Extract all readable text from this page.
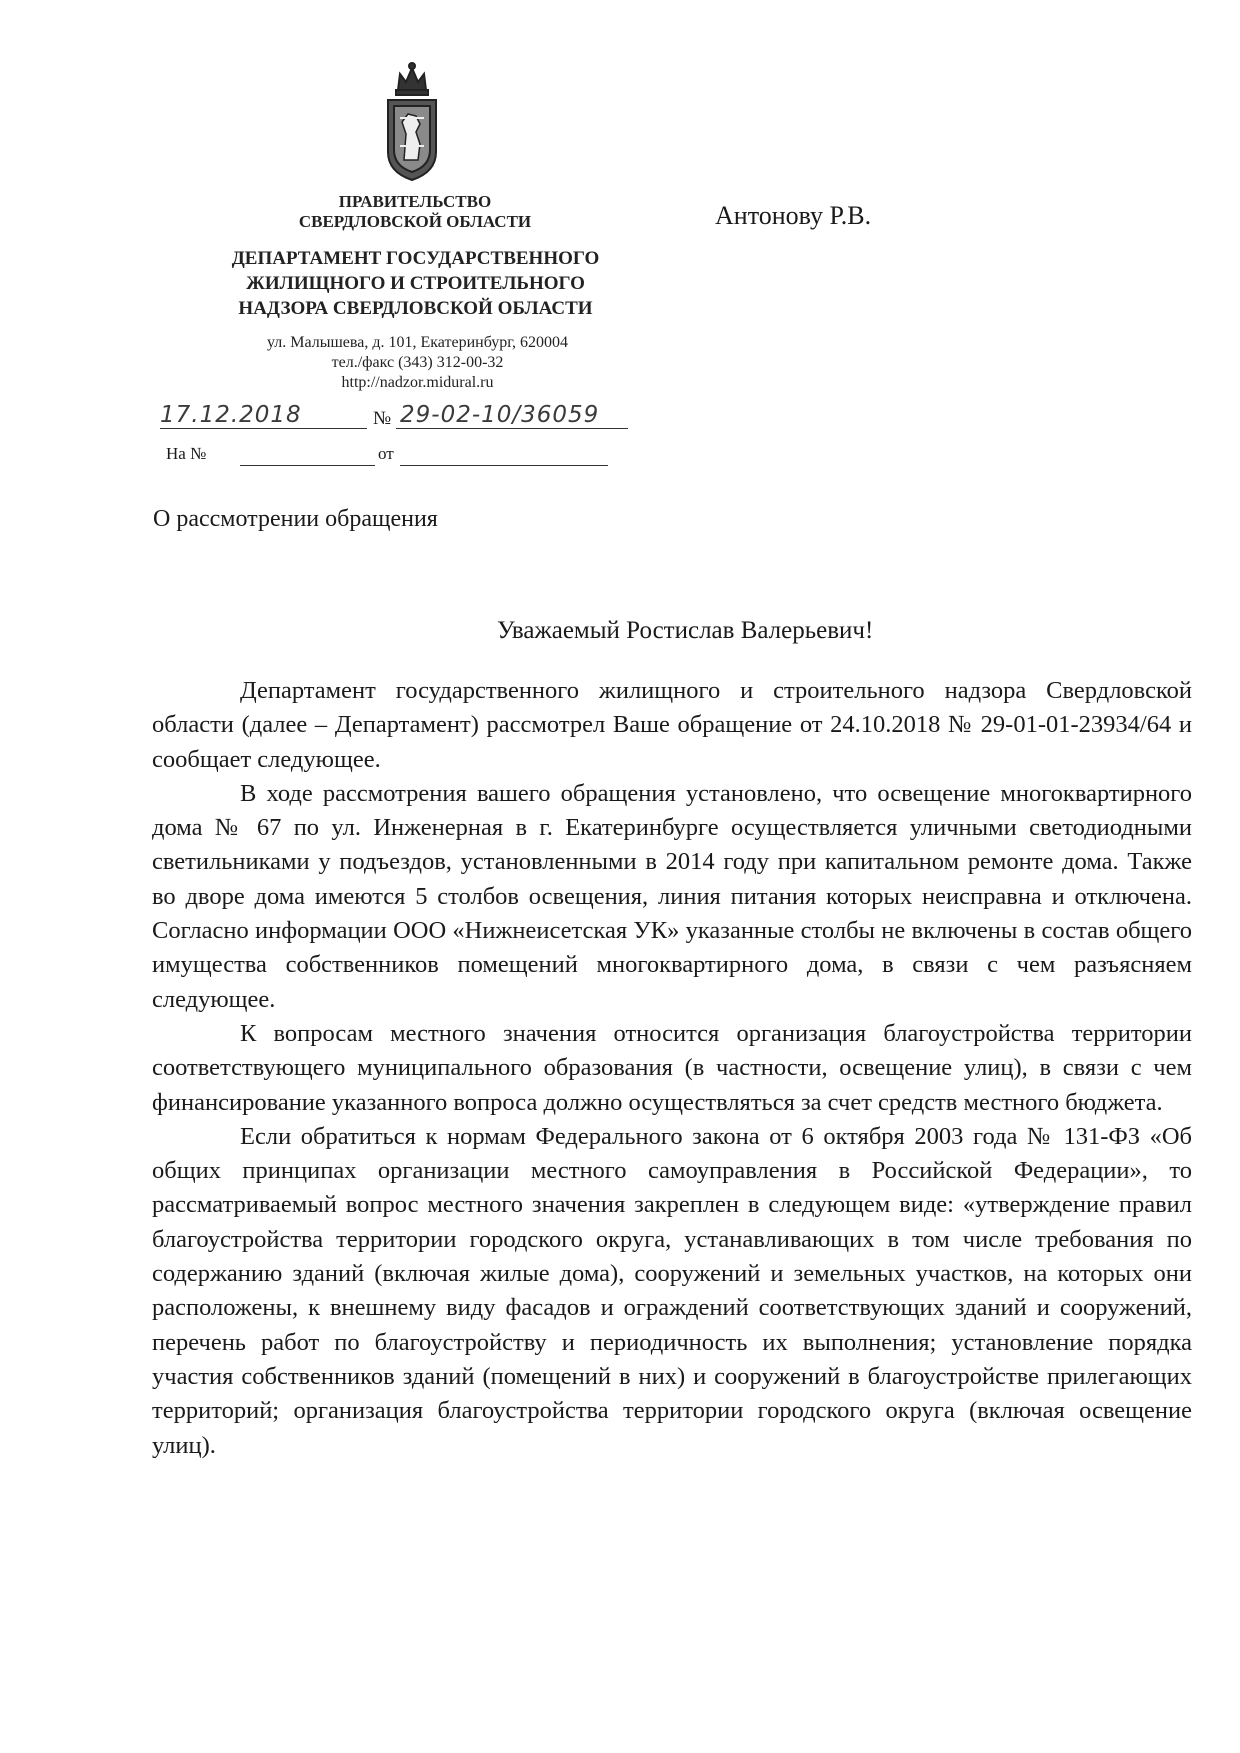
ПРАВИТЕЛЬСТВО
СВЕРДЛОВСКОЙ ОБЛАСТИ
ДЕПАРТАМЕНТ ГОСУДАРСТВЕННОГО
ЖИЛИЩНОГО И СТРОИТЕЛЬНОГО
НАДЗОРА СВЕРДЛОВСКОЙ ОБЛАСТИ
ул. Малышева, д. 101, Екатеринбург, 620004
тел./факс (343) 312-00-32
http://nadzor.midural.ru
17.12.2018	№ 29-02-10/36059
На №	от
Антонову Р.В.
О рассмотрении обращения
Уважаемый Ростислав Валерьевич!

Департамент государственного жилищного и строительного надзора Свердловской области (далее – Департамент) рассмотрел Ваше обращение от 24.10.2018 № 29-01-01-23934/64 и сообщает следующее.

В ходе рассмотрения вашего обращения установлено, что освещение многоквартирного дома № 67 по ул. Инженерная в г. Екатеринбурге осуществляется уличными светодиодными светильниками у подъездов, установленными в 2014 году при капитальном ремонте дома. Также во дворе дома имеются 5 столбов освещения, линия питания которых неисправна и отключена. Согласно информации ООО «Нижнеисетская УК» указанные столбы не включены в состав общего имущества собственников помещений многоквартирного дома, в связи с чем разъясняем следующее.

К вопросам местного значения относится организация благоустройства территории соответствующего муниципального образования (в частности, освещение улиц), в связи с чем финансирование указанного вопроса должно осуществляться за счет средств местного бюджета.

Если обратиться к нормам Федерального закона от 6 октября 2003 года № 131-ФЗ «Об общих принципах организации местного самоуправления в Российской Федерации», то рассматриваемый вопрос местного значения закреплен в следующем виде: «утверждение правил благоустройства территории городского округа, устанавливающих в том числе требования по содержанию зданий (включая жилые дома), сооружений и земельных участков, на которых они расположены, к внешнему виду фасадов и ограждений соответствующих зданий и сооружений, перечень работ по благоустройству и периодичность их выполнения; установление порядка участия собственников зданий (помещений в них) и сооружений в благоустройстве прилегающих территорий; организация благоустройства территории городского округа (включая освещение улиц).
